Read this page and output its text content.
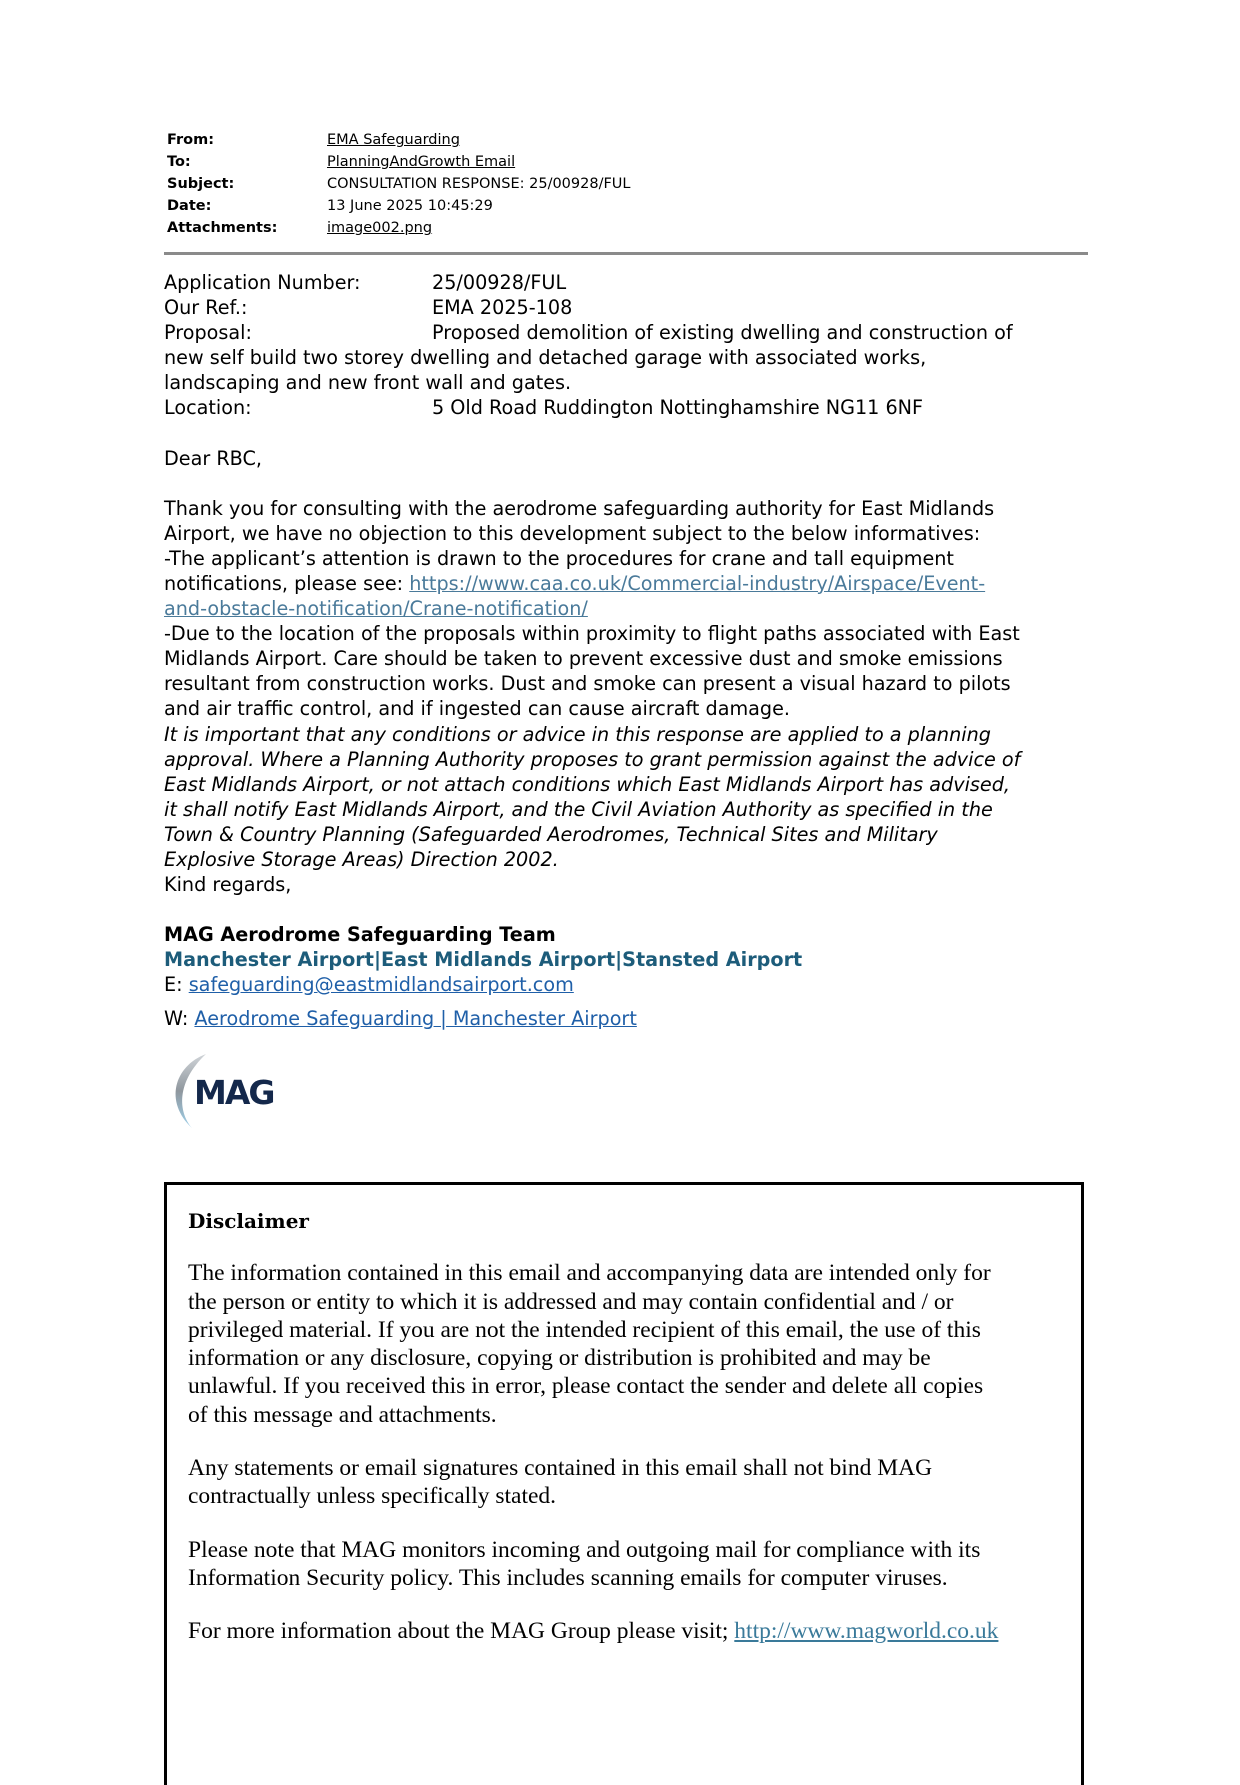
From:	EMA Safeguarding
To:	PlanningAndGrowth Email
Subject:	CONSULTATION RESPONSE: 25/00928/FUL
Date:	13 June 2025 10:45:29
Attachments:	image002.png
Application Number:	25/00928/FUL
Our Ref.:	EMA 2025-108
Proposal:	Proposed demolition of existing dwelling and construction of
new self build two storey dwelling and detached garage with associated works,
landscaping and new front wall and gates.
Location:	5 Old Road Ruddington Nottinghamshire NG11 6NF
Dear RBC,
Thank you for consulting with the aerodrome safeguarding authority for East Midlands
Airport, we have no objection to this development subject to the below informatives:
-The applicant’s attention is drawn to the procedures for crane and tall equipment
notifications, please see: https://www.caa.co.uk/Commercial-industry/Airspace/Event-
and-obstacle-notification/Crane-notification/
-Due to the location of the proposals within proximity to flight paths associated with East
Midlands Airport. Care should be taken to prevent excessive dust and smoke emissions
resultant from construction works. Dust and smoke can present a visual hazard to pilots
and air traffic control, and if ingested can cause aircraft damage.
It is important that any conditions or advice in this response are applied to a planning
approval. Where a Planning Authority proposes to grant permission against the advice of
East Midlands Airport, or not attach conditions which East Midlands Airport has advised,
it shall notify East Midlands Airport, and the Civil Aviation Authority as specified in the
Town & Country Planning (Safeguarded Aerodromes, Technical Sites and Military
Explosive Storage Areas) Direction 2002.
Kind regards,
MAG Aerodrome Safeguarding Team
Manchester Airport|East Midlands Airport|Stansted Airport
E: safeguarding@eastmidlandsairport.com
W: Aerodrome Safeguarding | Manchester Airport
MAG
Disclaimer

The information contained in this email and accompanying data are intended only for
the person or entity to which it is addressed and may contain confidential and / or
privileged material. If you are not the intended recipient of this email, the use of this
information or any disclosure, copying or distribution is prohibited and may be
unlawful. If you received this in error, please contact the sender and delete all copies
of this message and attachments.

Any statements or email signatures contained in this email shall not bind MAG
contractually unless specifically stated.

Please note that MAG monitors incoming and outgoing mail for compliance with its
Information Security policy. This includes scanning emails for computer viruses.

For more information about the MAG Group please visit; http://www.magworld.co.uk
